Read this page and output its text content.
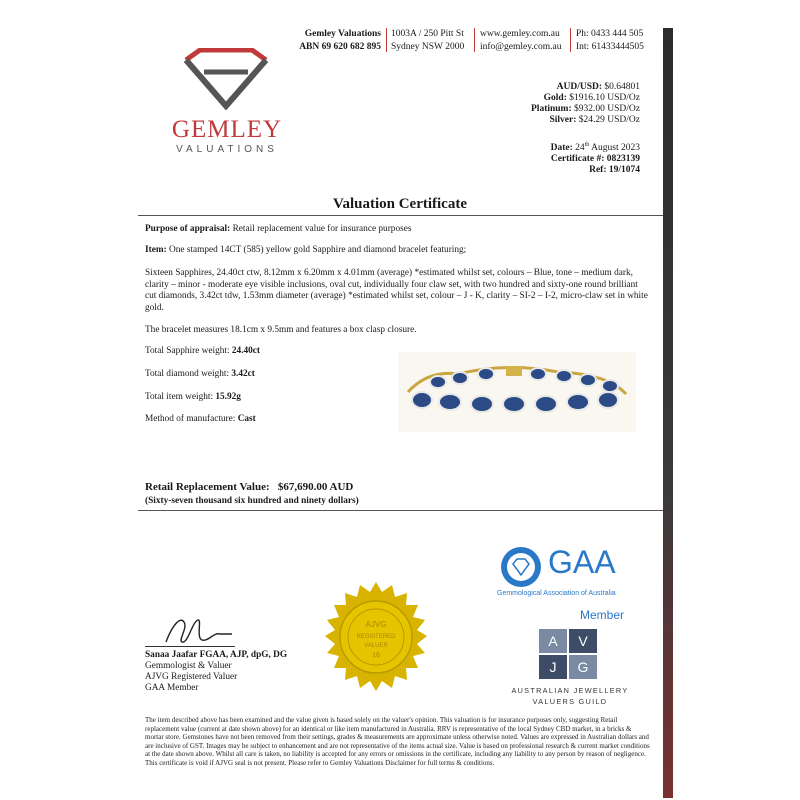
GEMLEY
VALUATIONS
Gemley Valuations
ABN 69 620 682 895
1003A / 250 Pitt St
Sydney NSW 2000
www.gemley.com.au
info@gemley.com.au
Ph: 0433 444 505
Int: 61433444505
AUD/USD: $0.64801
Gold: $1916.10 USD/Oz
Platinum: $932.00 USD/Oz
Silver: $24.29 USD/Oz
Date: 24th August 2023
Certificate #: 0823139
Ref: 19/1074
Valuation Certificate
Purpose of appraisal: Retail replacement value for insurance purposes
Item: One stamped 14CT (585) yellow gold Sapphire and diamond bracelet featuring;
Sixteen Sapphires, 24.40ct ctw, 8.12mm x 6.20mm x 4.01mm (average) *estimated whilst set, colours – Blue, tone – medium dark, clarity – minor - moderate eye visible inclusions, oval cut, individually four claw set, with two hundred and sixty-one round brilliant cut diamonds, 3.42ct tdw, 1.53mm diameter (average) *estimated whilst set, colour – J - K, clarity – SI-2 – I-2, micro-claw set in white gold.
The bracelet measures 18.1cm x 9.5mm and features a box clasp closure.
Total Sapphire weight: 24.40ct
Total diamond weight: 3.42ct
Total item weight: 15.92g
Method of manufacture: Cast
Retail Replacement Value: $67,690.00 AUD
(Sixty-seven thousand six hundred and ninety dollars)
AJVG
REGISTERED
VALUER
16
Sanaa Jaafar FGAA, AJP, dpG, DG
Gemmologist & Valuer
AJVG Registered Valuer
GAA Member
GAA
Gemmological Association of Australia
Member
A	V
J	G
AUSTRALIAN JEWELLERY
VALUERS GUILD
The item described above has been examined and the value given is based solely on the valuer's opinion. This valuation is for insurance purposes only, suggesting Retail replacement value (current at date shown above) for an identical or like item manufactured in Australia. RRV is representative of the local Sydney CBD market, in a bricks & mortar store. Gemstones have not been removed from their settings, grades & measurements are approximate unless otherwise noted. Values are expressed in Australian dollars and are inclusive of GST. Images may be subject to enhancement and are not representative of the items actual size. Value is based on professional research & current market conditions at the date shown above. Whilst all care is taken, no liability is accepted for any errors or omissions in the certificate, including any liability to any person by reason of negligence. This certificate is void if AJVG seal is not present. Please refer to Gemley Valuations Disclaimer for full terms & conditions.
